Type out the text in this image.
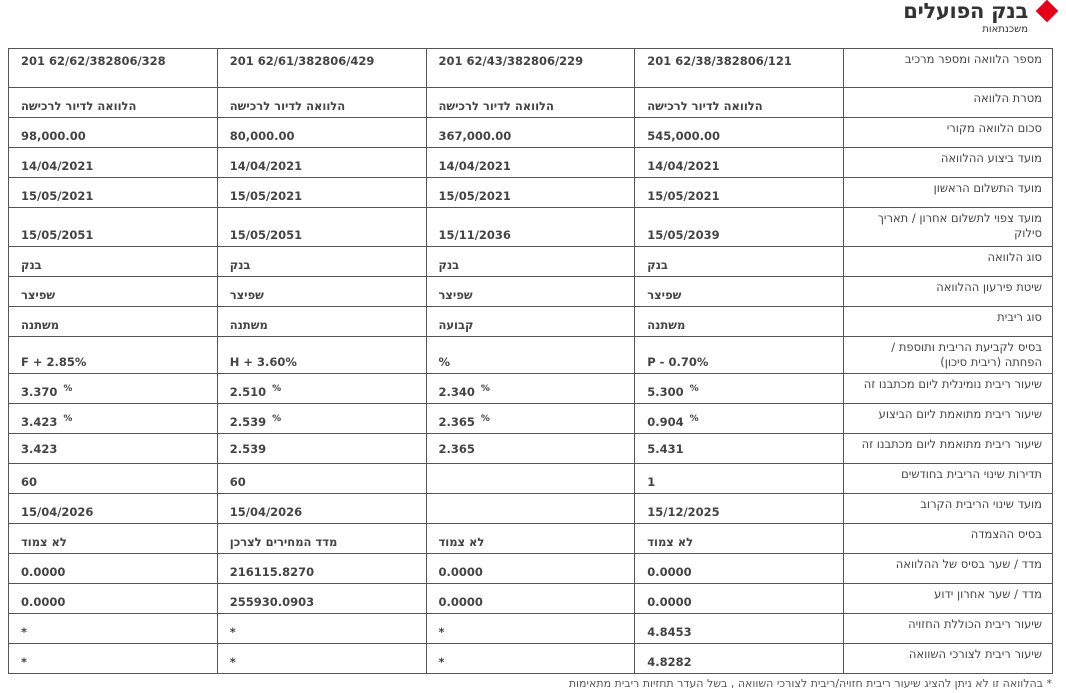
בנק הפועלים
משכנתאות
מספר הלוואה ומספר מרכיב	62/38/382806/121 201	62/43/382806/229 201	62/61/382806/429 201	62/62/382806/328 201
מטרת הלוואה	הלוואה לדיור לרכישה	הלוואה לדיור לרכישה	הלוואה לדיור לרכישה	הלוואה לדיור לרכישה
סכום הלוואה מקורי	545,000.00	367,000.00	80,000.00	98,000.00
מועד ביצוע ההלוואה	14/04/2021	14/04/2021	14/04/2021	14/04/2021
מועד התשלום הראשון	15/05/2021	15/05/2021	15/05/2021	15/05/2021
מועד צפוי לתשלום אחרון / תאריך סילוק	15/05/2039	15/11/2036	15/05/2051	15/05/2051
סוג הלוואה	בנק	בנק	בנק	בנק
שיטת פירעון ההלוואה	שפיצר	שפיצר	שפיצר	שפיצר
סוג ריבית	משתנה	קבועה	משתנה	משתנה
בסיס לקביעת הריבית ותוספת / הפחתה (ריבית סיכון)	P - 0.70%	%	H + 3.60%	F + 2.85%
שיעור ריבית נומינלית ליום מכתבנו זה	5.300 %	2.340 %	2.510 %	3.370 %
שיעור ריבית מתואמת ליום הביצוע	0.904 %	2.365 %	2.539 %	3.423 %
שיעור ריבית מתואמת ליום מכתבנו זה	5.431	2.365	2.539	3.423
תדירות שינוי הריבית בחודשים	1		60	60
מועד שינוי הריבית הקרוב	15/12/2025		15/04/2026	15/04/2026
בסיס ההצמדה	לא צמוד	לא צמוד	מדד המחירים לצרכן	לא צמוד
מדד / שער בסיס של ההלוואה	0.0000	0.0000	216115.8270	0.0000
מדד / שער אחרון ידוע	0.0000	0.0000	255930.0903	0.0000
שיעור ריבית הכוללת החזויה	4.8453	*	*	*
שיעור ריבית לצורכי השוואה	4.8282	*	*	*
* בהלוואה זו לא ניתן להציג שיעור ריבית חזויה/ריבית לצורכי השוואה , בשל העדר תחזיות ריבית מתאימות
